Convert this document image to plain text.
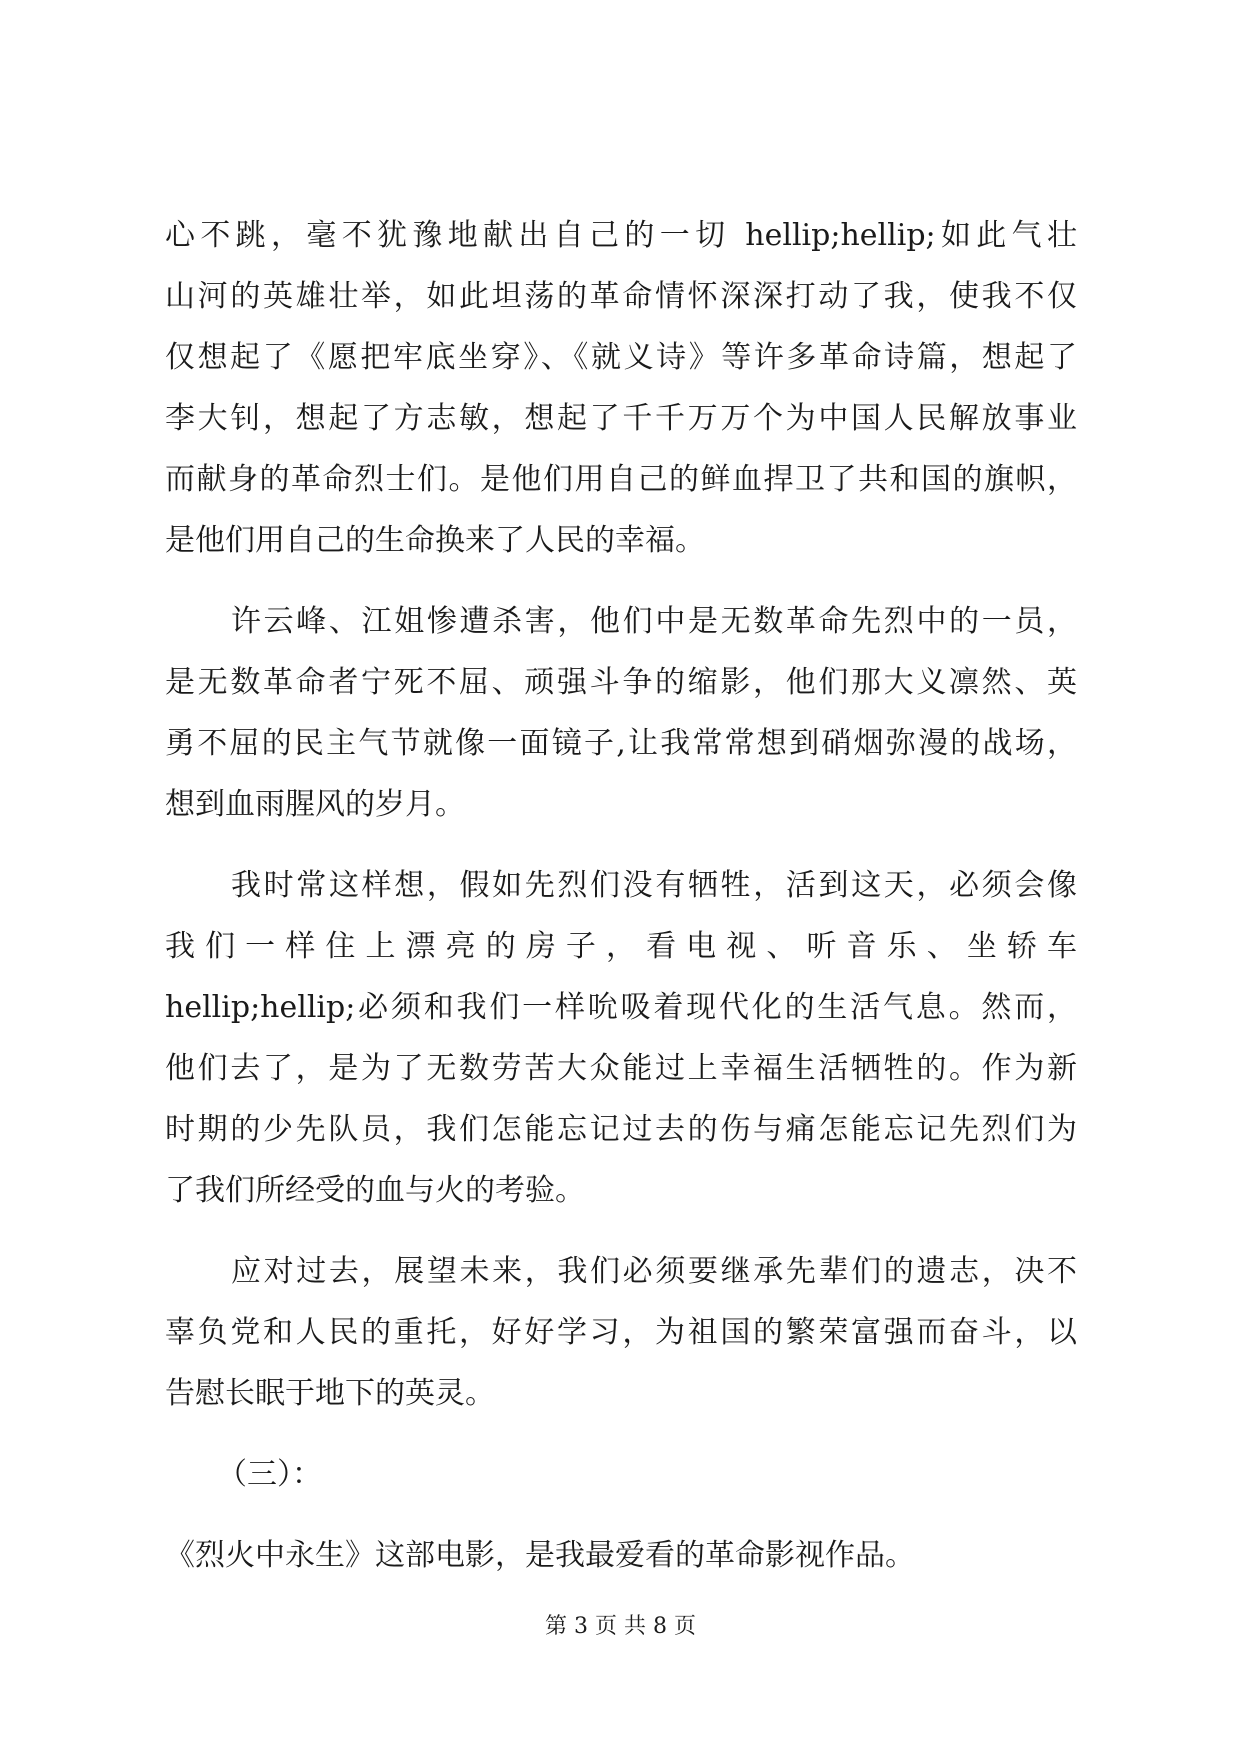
心不跳，毫不犹豫地献出自己的一切 hellip;hellip;如此气壮
山河的英雄壮举，如此坦荡的革命情怀深深打动了我，使我不仅
仅想起了《愿把牢底坐穿》、《就义诗》等许多革命诗篇，想起了
李大钊，想起了方志敏，想起了千千万万个为中国人民解放事业
而献身的革命烈士们。是他们用自己的鲜血捍卫了共和国的旗帜，
是他们用自己的生命换来了人民的幸福。
许云峰、江姐惨遭杀害，他们中是无数革命先烈中的一员，
是无数革命者宁死不屈、顽强斗争的缩影，他们那大义凛然、英
勇不屈的民主气节就像一面镜子,让我常常想到硝烟弥漫的战场，
想到血雨腥风的岁月。
我时常这样想，假如先烈们没有牺牲，活到这天，必须会像
我们一样住上漂亮的房子，看电视、听音乐、坐轿车
hellip;hellip;必须和我们一样吮吸着现代化的生活气息。然而，
他们去了，是为了无数劳苦大众能过上幸福生活牺牲的。作为新
时期的少先队员，我们怎能忘记过去的伤与痛怎能忘记先烈们为
了我们所经受的血与火的考验。
应对过去，展望未来，我们必须要继承先辈们的遗志，决不
辜负党和人民的重托，好好学习，为祖国的繁荣富强而奋斗，以
告慰长眠于地下的英灵。
（三）：
《烈火中永生》这部电影，是我最爱看的革命影视作品。
第 3 页 共 8 页
